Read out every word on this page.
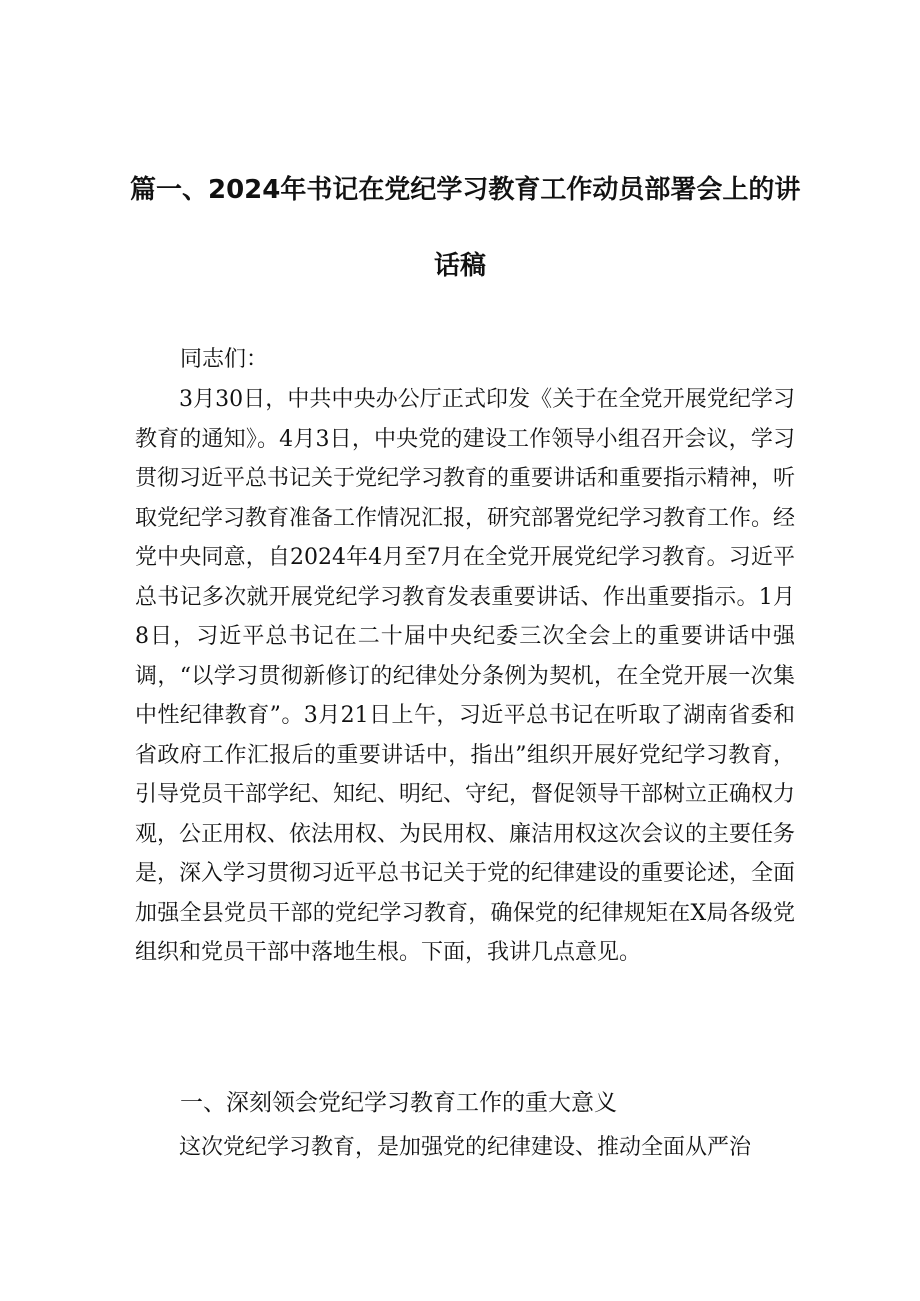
篇一、2024年书记在党纪学习教育工作动员部署会上的讲
话稿
同志们：

3月30日，中共中央办公厅正式印发《关于在全党开展党纪学习教育的通知》。4月3日，中央党的建设工作领导小组召开会议，学习贯彻习近平总书记关于党纪学习教育的重要讲话和重要指示精神，听取党纪学习教育准备工作情况汇报，研究部署党纪学习教育工作。经党中央同意，自2024年4月至7月在全党开展党纪学习教育。习近平总书记多次就开展党纪学习教育发表重要讲话、作出重要指示。1月8日，习近平总书记在二十届中央纪委三次全会上的重要讲话中强调，“以学习贯彻新修订的纪律处分条例为契机，在全党开展一次集中性纪律教育”。3月21日上午，习近平总书记在听取了湖南省委和省政府工作汇报后的重要讲话中，指出”组织开展好党纪学习教育，引导党员干部学纪、知纪、明纪、守纪，督促领导干部树立正确权力观，公正用权、依法用权、为民用权、廉洁用权这次会议的主要任务是，深入学习贯彻习近平总书记关于党的纪律建设的重要论述，全面加强全县党员干部的党纪学习教育，确保党的纪律规矩在X局各级党组织和党员干部中落地生根。下面，我讲几点意见。

一、深刻领会党纪学习教育工作的重大意义

这次党纪学习教育，是加强党的纪律建设、推动全面从严治
